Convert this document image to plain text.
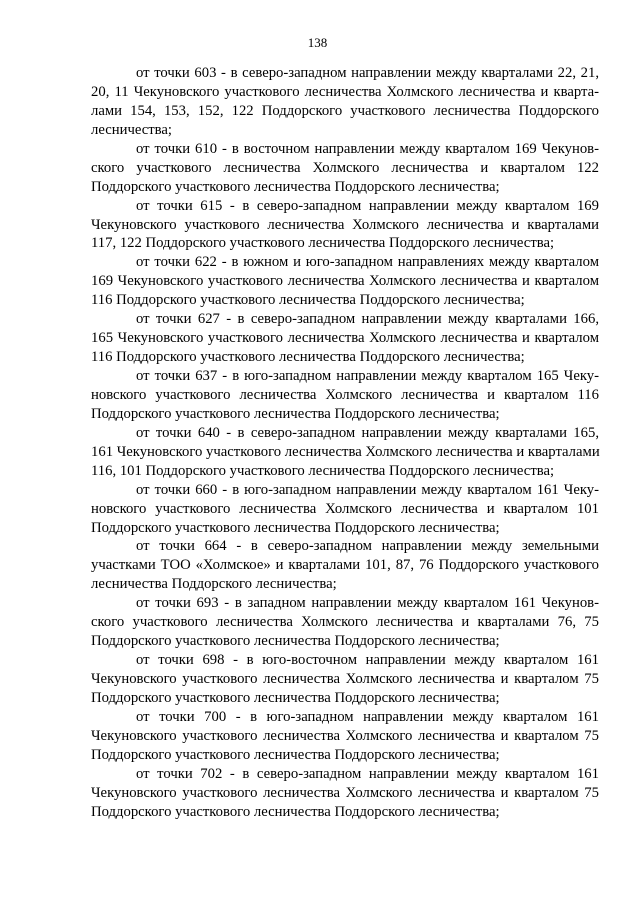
138
от точки 603 - в северо-западном направлении между кварталами 22, 21,
20, 11 Чекуновского участкового лесничества Холмского лесничества и кварта-
лами 154, 153, 152, 122 Поддорского участкового лесничества Поддорского
лесничества;
от точки 610 - в восточном направлении между кварталом 169 Чекунов-
ского участкового лесничества Холмского лесничества и кварталом 122
Поддорского участкового лесничества Поддорского лесничества;
от точки 615 - в северо-западном направлении между кварталом 169
Чекуновского участкового лесничества Холмского лесничества и кварталами
117, 122 Поддорского участкового лесничества Поддорского лесничества;
от точки 622 - в южном и юго-западном направлениях между кварталом
169 Чекуновского участкового лесничества Холмского лесничества и кварталом
116 Поддорского участкового лесничества Поддорского лесничества;
от точки 627 - в северо-западном направлении между кварталами 166,
165 Чекуновского участкового лесничества Холмского лесничества и кварталом
116 Поддорского участкового лесничества Поддорского лесничества;
от точки 637 - в юго-западном направлении между кварталом 165 Чеку-
новского участкового лесничества Холмского лесничества и кварталом 116
Поддорского участкового лесничества Поддорского лесничества;
от точки 640 - в северо-западном направлении между кварталами 165,
161 Чекуновского участкового лесничества Холмского лесничества и кварталами
116, 101 Поддорского участкового лесничества Поддорского лесничества;
от точки 660 - в юго-западном направлении между кварталом 161 Чеку-
новского участкового лесничества Холмского лесничества и кварталом 101
Поддорского участкового лесничества Поддорского лесничества;
от точки 664 - в северо-западном направлении между земельными
участками ТОО «Холмское» и кварталами 101, 87, 76 Поддорского участкового
лесничества Поддорского лесничества;
от точки 693 - в западном направлении между кварталом 161 Чекунов-
ского участкового лесничества Холмского лесничества и кварталами 76, 75
Поддорского участкового лесничества Поддорского лесничества;
от точки 698 - в юго-восточном направлении между кварталом 161
Чекуновского участкового лесничества Холмского лесничества и кварталом 75
Поддорского участкового лесничества Поддорского лесничества;
от точки 700 - в юго-западном направлении между кварталом 161
Чекуновского участкового лесничества Холмского лесничества и кварталом 75
Поддорского участкового лесничества Поддорского лесничества;
от точки 702 - в северо-западном направлении между кварталом 161
Чекуновского участкового лесничества Холмского лесничества и кварталом 75
Поддорского участкового лесничества Поддорского лесничества;
